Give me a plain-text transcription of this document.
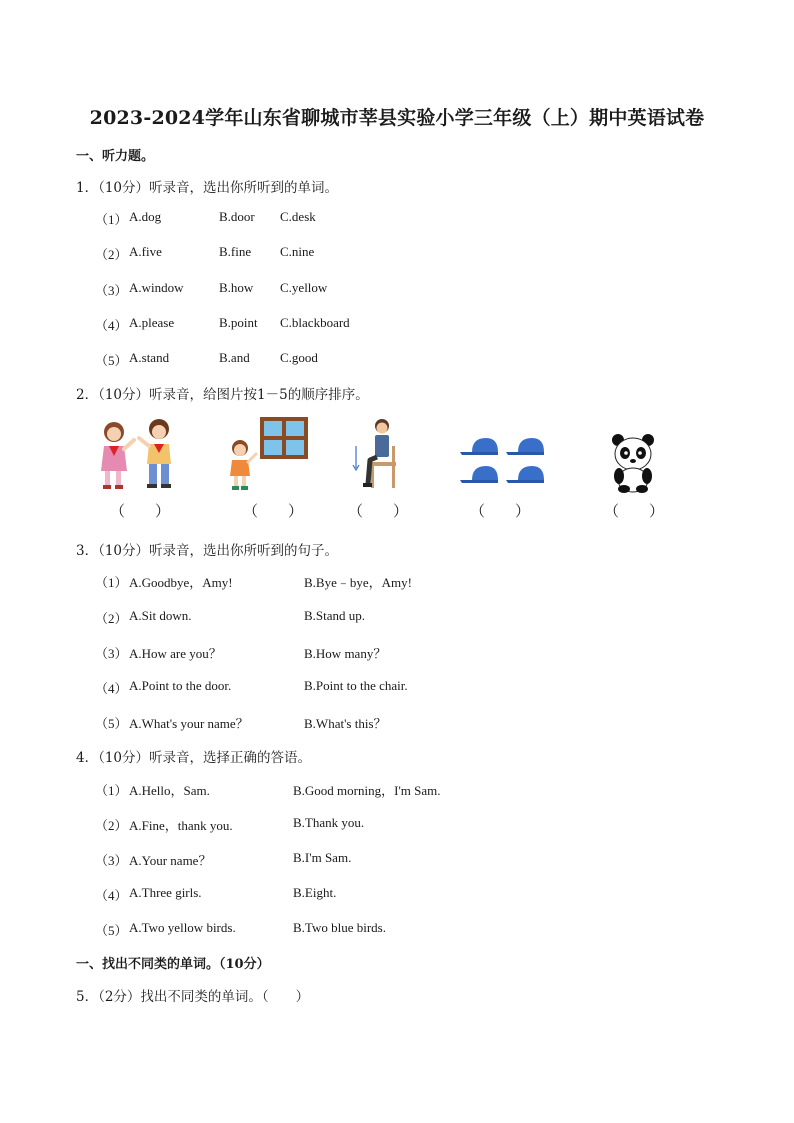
2023-2024学年山东省聊城市莘县实验小学三年级（上）期中英语试卷
一、听力题。
1．（10分）听录音，选出你所听到的单词。
（1） A.dog	B.door C.desk
（2） A.five	B.fine C.nine
（3） A.window	B.how C.yellow
（4） A.please	B.point C.blackboard
（5） A.stand	B.and C.good
2．（10分）听录音，给图片按1－5的顺序排序。
（　　）	（　　）	（　　）	（　　）	（　　）
3．（10分）听录音，选出你所听到的句子。
（1） A.Goodbye，Amy!	B.Bye﹣bye，Amy!
（2） A.Sit down.	B.Stand up.
（3） A.How are you？	B.How many？
（4） A.Point to the door.	B.Point to the chair.
（5） A.What's your name？	B.What's this？
4．（10分）听录音，选择正确的答语。
（1） A.Hello，Sam.	B.Good morning，I'm Sam.
（2） A.Fine，thank you.	B.Thank you.
（3） A.Your name？	B.I'm Sam.
（4） A.Three girls.	B.Eight.
（5） A.Two yellow birds.	B.Two blue birds.
一、找出不同类的单词。（10分）
5．（2分）找出不同类的单词。（　　）
